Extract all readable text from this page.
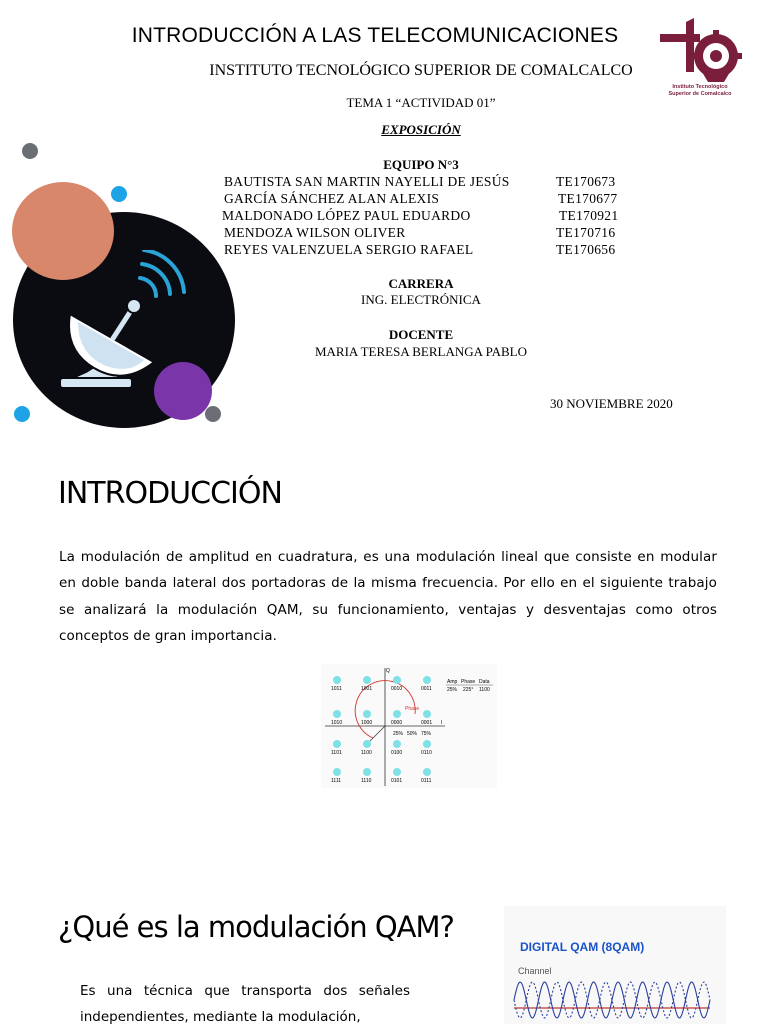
INTRODUCCIÓN A LAS TELECOMUNICACIONES
INSTITUTO TECNOLÓGICO SUPERIOR DE COMALCALCO
TEMA 1 “ACTIVIDAD 01”
EXPOSICIÓN
EQUIPO N°3
BAUTISTA SAN MARTIN NAYELLI DE JESÚS	TE170673
GARCÍA SÁNCHEZ ALAN ALEXIS	TE170677
MALDONADO LÓPEZ PAUL EDUARDO	TE170921
MENDOZA WILSON OLIVER	TE170716
REYES VALENZUELA SERGIO RAFAEL	TE170656
CARRERA
ING. ELECTRÓNICA
DOCENTE
MARIA TERESA BERLANGA PABLO
30 NOVIEMBRE 2020
Instituto Tecnológico
Superior de Comalcalco
INTRODUCCIÓN
La modulación de amplitud en cuadratura, es una modulación lineal que consiste en modular en doble banda lateral dos portadoras de la misma frecuencia. Por ello en el siguiente trabajo se analizará la modulación QAM, su funcionamiento, ventajas y desventajas como otros conceptos de gran importancia.
Q
I
Phase
25% 50% 75%
Amp Phase Data
25% 225° 1100
1011	1001	0010	0011
1010	1000	0000	0001
1101	1100	0100	0110
1111	1110	0101	0111
¿Qué es la modulación QAM?
Es una técnica que transporta dos señales independientes, mediante la modulación,
DIGITAL QAM (8QAM)
Channel
